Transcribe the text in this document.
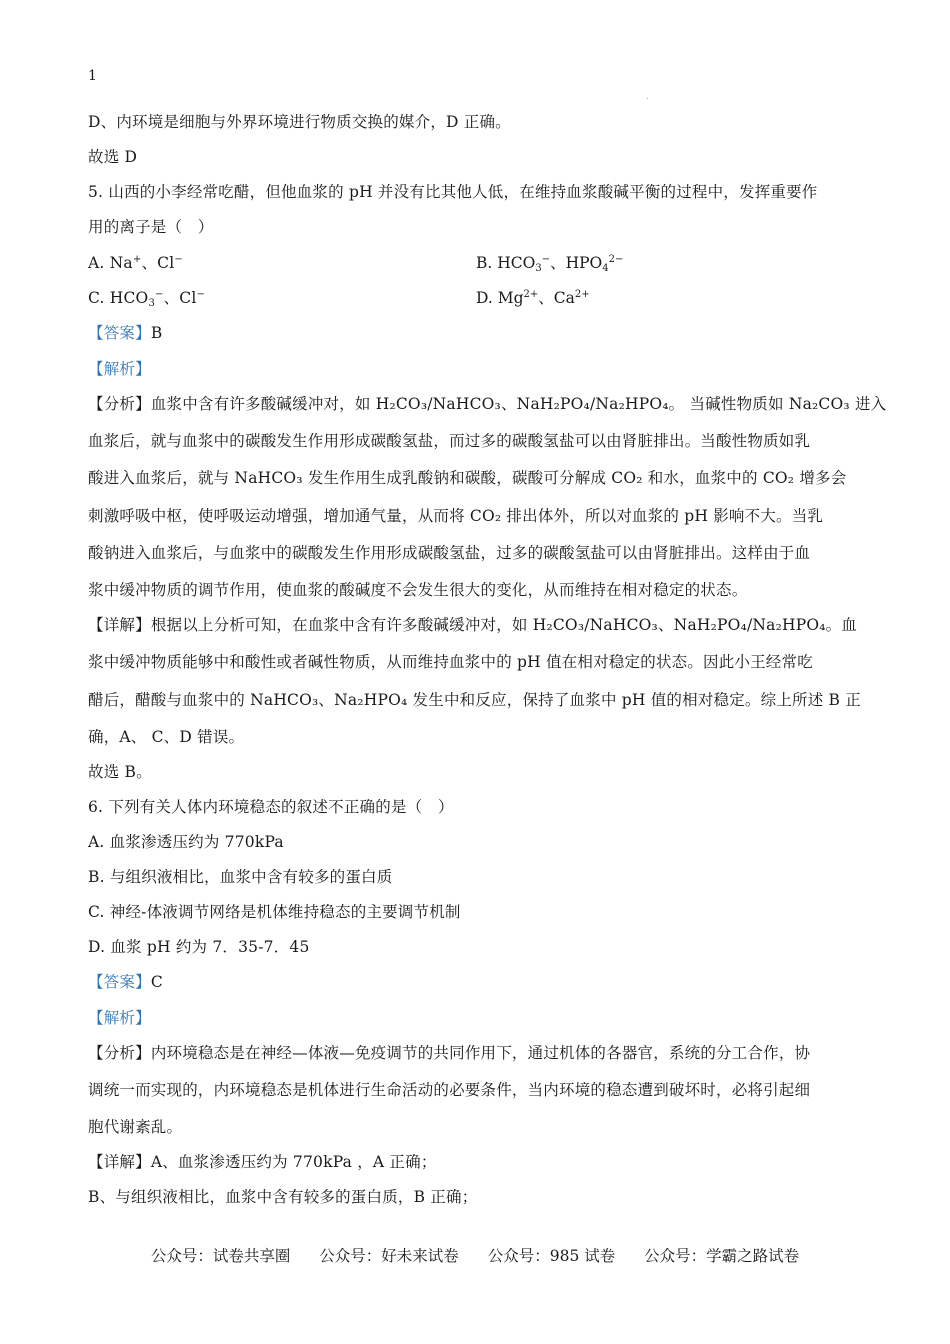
1
.
D、内环境是细胞与外界环境进行物质交换的媒介，D 正确。
故选 D
5. 山西的小李经常吃醋，但他血浆的 pH 并没有比其他人低，在维持血浆酸碱平衡的过程中，发挥重要作
用的离子是（　）
A. Na+、Cl−	B. $HCO_3^-$、$HPO_4^{2-}$
C. $HCO_3^-$、Cl−	D. $Mg^{2+}$、$Ca^{2+}$
【答案】B
【解析】
【分析】血浆中含有许多酸碱缓冲对，如 H₂CO₃/NaHCO₃、NaH₂PO₄/Na₂HPO₄。 当碱性物质如 Na₂CO₃ 进入
血浆后，就与血浆中的碳酸发生作用形成碳酸氢盐，而过多的碳酸氢盐可以由肾脏排出。当酸性物质如乳
酸进入血浆后，就与 NaHCO₃ 发生作用生成乳酸钠和碳酸，碳酸可分解成 CO₂ 和水，血浆中的 CO₂ 增多会
刺激呼吸中枢，使呼吸运动增强，增加通气量，从而将 CO₂ 排出体外，所以对血浆的 pH 影响不大。当乳
酸钠进入血浆后，与血浆中的碳酸发生作用形成碳酸氢盐，过多的碳酸氢盐可以由肾脏排出。这样由于血
浆中缓冲物质的调节作用，使血浆的酸碱度不会发生很大的变化，从而维持在相对稳定的状态。
【详解】根据以上分析可知，在血浆中含有许多酸碱缓冲对，如 H₂CO₃/NaHCO₃、NaH₂PO₄/Na₂HPO₄。血
浆中缓冲物质能够中和酸性或者碱性物质，从而维持血浆中的 pH 值在相对稳定的状态。因此小王经常吃
醋后，醋酸与血浆中的 NaHCO₃、Na₂HPO₄ 发生中和反应，保持了血浆中 pH 值的相对稳定。综上所述 B 正
确，A、 C、D 错误。
故选 B。
6. 下列有关人体内环境稳态的叙述不正确的是（　）
A. 血浆渗透压约为 770kPa
B. 与组织液相比，血浆中含有较多的蛋白质
C. 神经-体液调节网络是机体维持稳态的主要调节机制
D. 血浆 pH 约为 7．35-7．45
【答案】C
【解析】
【分析】内环境稳态是在神经—体液—免疫调节的共同作用下，通过机体的各器官，系统的分工合作，协
调统一而实现的，内环境稳态是机体进行生命活动的必要条件，当内环境的稳态遭到破坏时，必将引起细
胞代谢紊乱。
【详解】A、血浆渗透压约为 770kPa ，A 正确；
B、与组织液相比，血浆中含有较多的蛋白质，B 正确；
公众号：试卷共享圈 公众号：好未来试卷 公众号：985 试卷 公众号：学霸之路试卷
